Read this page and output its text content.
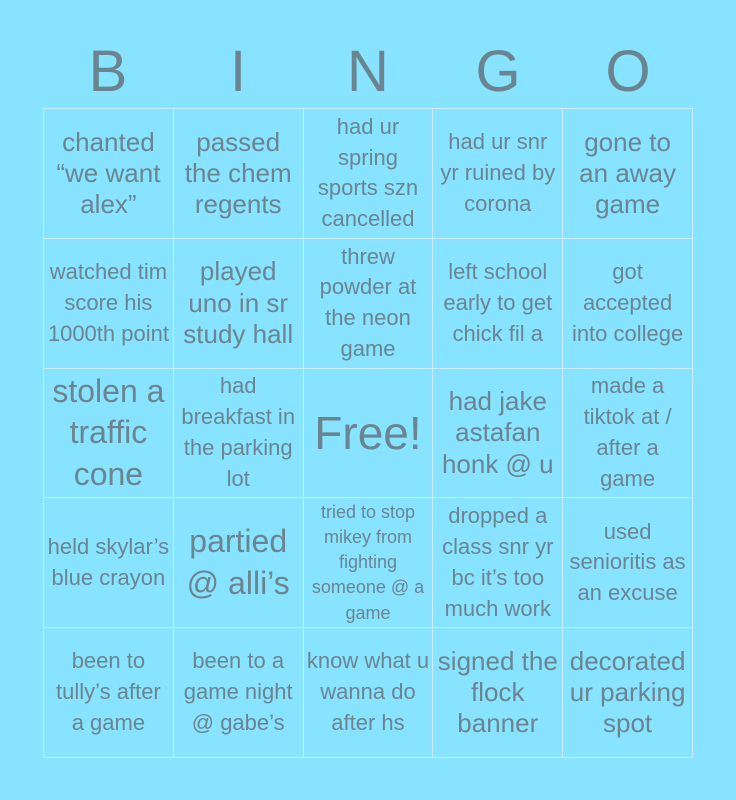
B	I	N	G	O
chanted “we want alex”
passed the chem regents
had ur spring sports szn cancelled
had ur snr yr ruined by corona
gone to an away game
watched tim score his 1000th point
played uno in sr study hall
threw powder at the neon game
left school early to get chick fil a
got accepted into college
stolen a traffic cone
had breakfast in the parking lot
Free!
had jake astafan honk @ u
made a tiktok at / after a game
held skylar’s blue crayon
partied @ alli’s
tried to stop mikey from fighting someone @ a game
dropped a class snr yr bc it’s too much work
used senioritis as an excuse
been to tully’s after a game
been to a game night @ gabe’s
know what u wanna do after hs
signed the flock banner
decorated ur parking spot
